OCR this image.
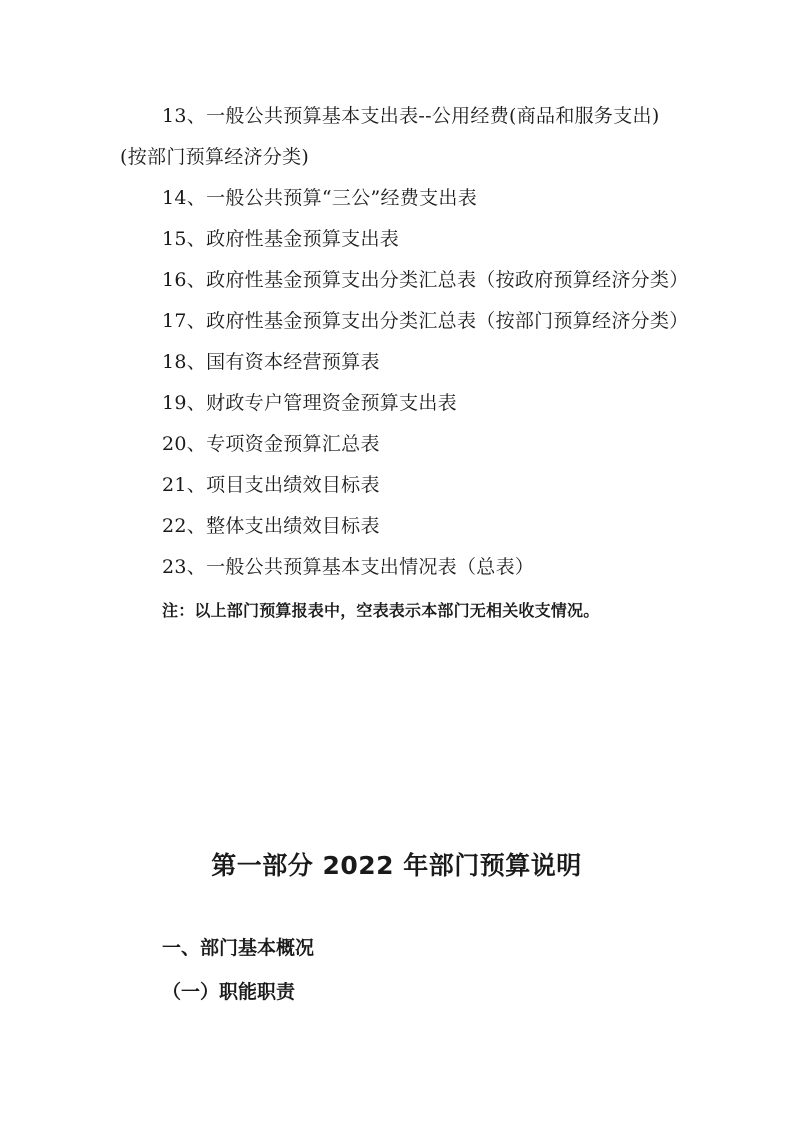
13、一般公共预算基本支出表--公用经费(商品和服务支出)(按部门预算经济分类)

14、一般公共预算“三公”经费支出表

15、政府性基金预算支出表

16、政府性基金预算支出分类汇总表（按政府预算经济分类）

17、政府性基金预算支出分类汇总表（按部门预算经济分类）

18、国有资本经营预算表

19、财政专户管理资金预算支出表

20、专项资金预算汇总表

21、项目支出绩效目标表

22、整体支出绩效目标表

23、一般公共预算基本支出情况表（总表）

注：以上部门预算报表中，空表表示本部门无相关收支情况。

第一部分 2022 年部门预算说明
一、部门基本概况
（一）职能职责
